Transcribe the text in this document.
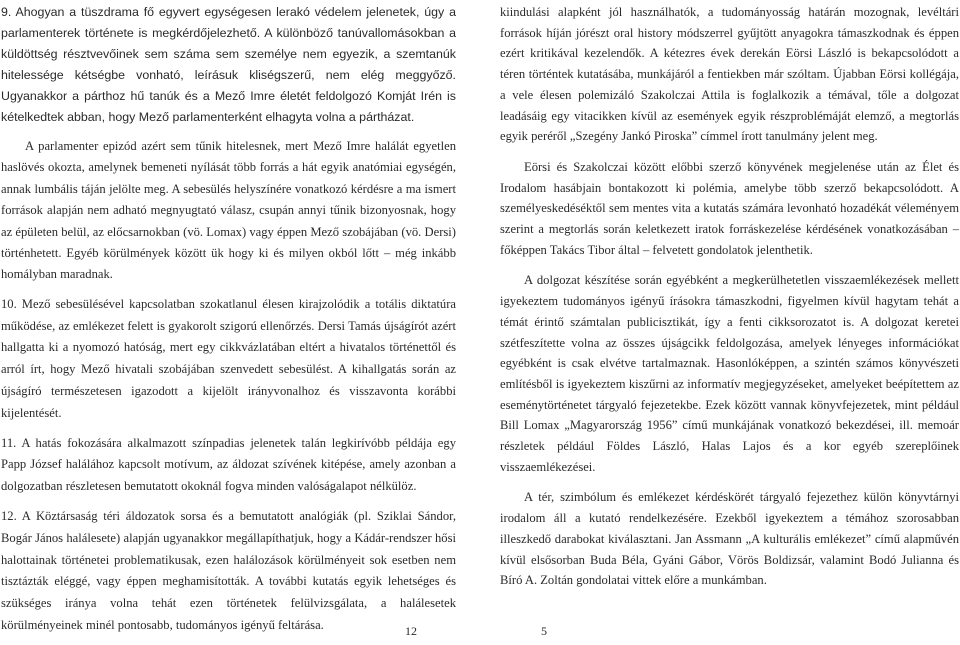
9. Ahogyan a tüszdrama fő egyvert egységesen lerakó védelem jelenetek, úgy a parlamenterek története is megkérdőjelezhető. A különböző tanúvallomásokban a küldöttség résztvevőinek sem száma sem személye nem egyezik, a szemtanúk hitelessége kétségbe vonható, leírásuk kliségszerű, nem elég meggyőző. Ugyanakkor a párthoz hű tanúk és a Mező Imre életét feldolgozó Komját Irén is kételkedtek abban, hogy Mező parlamenterként elhagyta volna a pártházat.

A parlamenter epizód azért sem tűnik hitelesnek, mert Mező Imre halálát egyetlen haslövés okozta, amelynek bemeneti nyílását több forrás a hát egyik anatómiai egységén, annak lumbális táján jelölte meg. A sebesülés helyszínére vonatkozó kérdésre a ma ismert források alapján nem adható megnyugtató válasz, csupán annyi tűnik bizonyosnak, hogy az épületen belül, az előcsarnokban (vö. Lomax) vagy éppen Mező szobájában (vö. Dersi) történhetett. Egyéb körülmények között ük hogy ki és milyen okból lőtt – még inkább homályban maradnak.

10. Mező sebesülésével kapcsolatban szokatlanul élesen kirajzolódik a totális diktatúra működése, az emlékezet felett is gyakorolt szigorú ellenőrzés. Dersi Tamás újságírót azért hallgatta ki a nyomozó hatóság, mert egy cikkvázlatában eltért a hivatalos történettől és arról írt, hogy Mező hivatali szobájában szenvedett sebesülést. A kihallgatás során az újságíró természetesen igazodott a kijelölt irányvonalhoz és visszavonta korábbi kijelentését.

11. A hatás fokozására alkalmazott színpadias jelenetek talán legkirívóbb példája egy Papp József halálához kapcsolt motívum, az áldozat szívének kitépése, amely azonban a dolgozatban részletesen bemutatott okoknál fogva minden valóságalapot nélkülöz.

12. A Köztársaság téri áldozatok sorsa és a bemutatott analógiák (pl. Sziklai Sándor, Bogár János halálesete) alapján ugyanakkor megállapíthatjuk, hogy a Kádár-rendszer hősi halottainak történetei problematikusak, ezen halálozások körülményeit sok esetben nem tisztázták eléggé, vagy éppen meghamisították. A további kutatás egyik lehetséges és szükséges iránya volna tehát ezen történetek felülvizsgálata, a halálesetek körülményeinek minél pontosabb, tudományos igényű feltárása.

kiindulási alapként jól használhatók, a tudományosság határán mozognak, levéltári források híján jórészt oral history módszerrel gyűjtött anyagokra támaszkodnak és éppen ezért kritikával kezelendők. A kétezres évek derekán Eörsi László is bekapcsolódott a téren történtek kutatásába, munkájáról a fentiekben már szóltam. Újabban Eörsi kollégája, a vele élesen polemizáló Szakolczai Attila is foglalkozik a témával, tőle a dolgozat leadásáig egy vitacikken kívül az események egyik részproblémáját elemző, a megtorlás egyik peréről „Szegény Jankó Piroska” címmel írott tanulmány jelent meg.

Eörsi és Szakolczai között előbbi szerző könyvének megjelenése után az Élet és Irodalom hasábjain bontakozott ki polémia, amelybe több szerző bekapcsolódott. A személyeskedéséktől sem mentes vita a kutatás számára levonható hozadékát véleményem szerint a megtorlás során keletkezett iratok forráskezelése kérdésének vonatkozásában – főképpen Takács Tibor által – felvetett gondolatok jelenthetik.

A dolgozat készítése során egyébként a megkerülhetetlen visszaemlékezések mellett igyekeztem tudományos igényű írásokra támaszkodni, figyelmen kívül hagytam tehát a témát érintő számtalan publicisztikát, így a fenti cikksorozatot is. A dolgozat keretei szétfeszítette volna az összes újságcikk feldolgozása, amelyek lényeges információkat egyébként is csak elvétve tartalmaznak. Hasonlóképpen, a szintén számos könyvészeti említésből is igyekeztem kiszűrni az informatív megjegyzéseket, amelyeket beépítettem az eseménytörténetet tárgyaló fejezetekbe. Ezek között vannak könyvfejezetek, mint például Bill Lomax „Magyarország 1956” című munkájának vonatkozó bekezdései, ill. memoár részletek például Földes László, Halas Lajos és a kor egyéb szereplőinek visszaemlékezései.

A tér, szimbólum és emlékezet kérdéskörét tárgyaló fejezethez külön könyvtárnyi irodalom áll a kutató rendelkezésére. Ezekből igyekeztem a témához szorosabban illeszkedő darabokat kiválasztani. Jan Assmann „A kulturális emlékezet” című alapművén kívül elsősorban Buda Béla, Gyáni Gábor, Vörös Boldizsár, valamint Bodó Julianna és Bíró A. Zoltán gondolatai vittek előre a munkámban.

12	5
